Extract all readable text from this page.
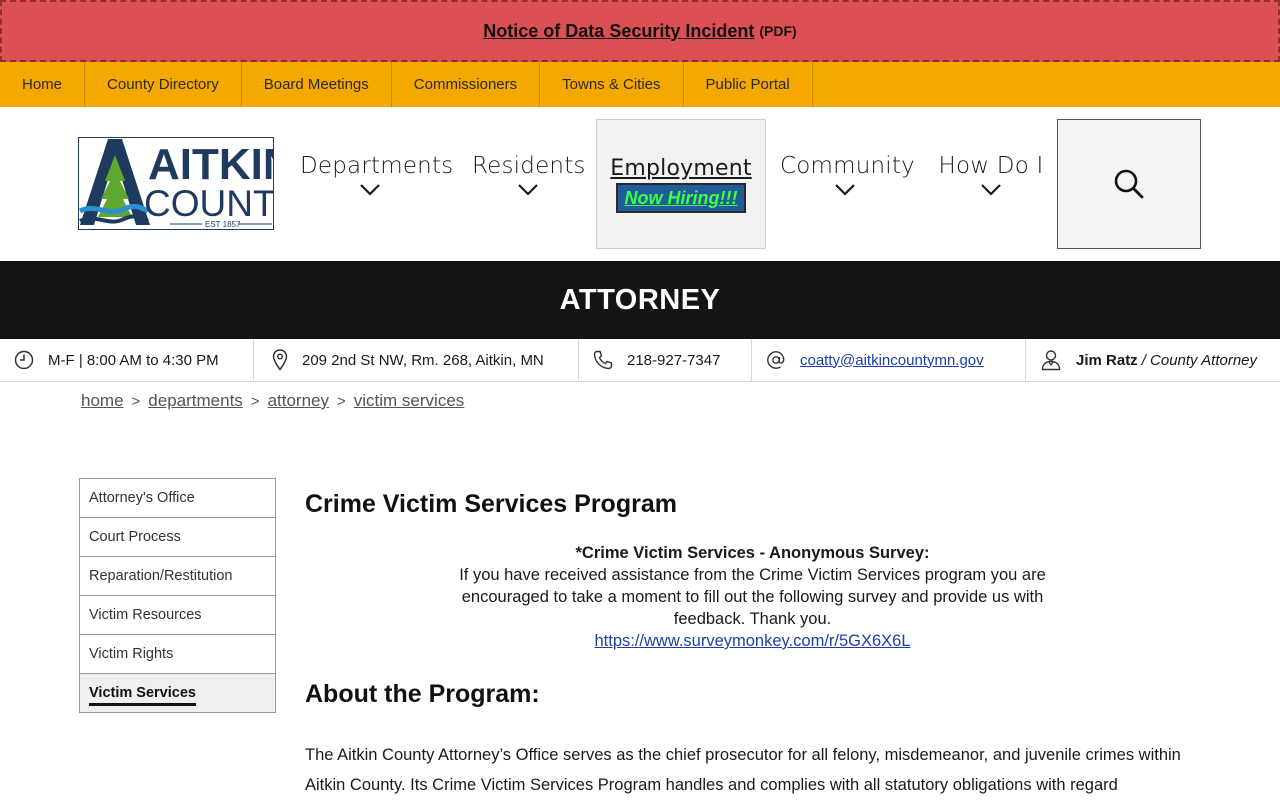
Notice of Data Security Incident (PDF)
Home	County Directory	Board Meetings	Commissioners	Towns & Cities	Public Portal
AITKI
COUNT
EST 1857
Departments Residents	Employment
Now Hiring!!!
Community How Do I
ATTORNEY
M-F | 8:00 AM to 4:30 PM	209 2nd St NW, Rm. 268, Aitkin, MN	218-927-7347	coatty@aitkincountymn.gov	Jim Ratz / County Attorney
home > departments > attorney > victim services
Attorney's Office
Court Process
Reparation/Restitution
Victim Resources
Victim Rights
Victim Services
Crime Victim Services Program
*Crime Victim Services - Anonymous Survey:
If you have received assistance from the Crime Victim Services program you are encouraged to take a moment to fill out the following survey and provide us with feedback. Thank you.
https://www.surveymonkey.com/r/5GX6X6L
About the Program:

The Aitkin County Attorney’s Office serves as the chief prosecutor for all felony, misdemeanor, and juvenile crimes within Aitkin County. Its Crime Victim Services Program handles and complies with all statutory obligations with regard
